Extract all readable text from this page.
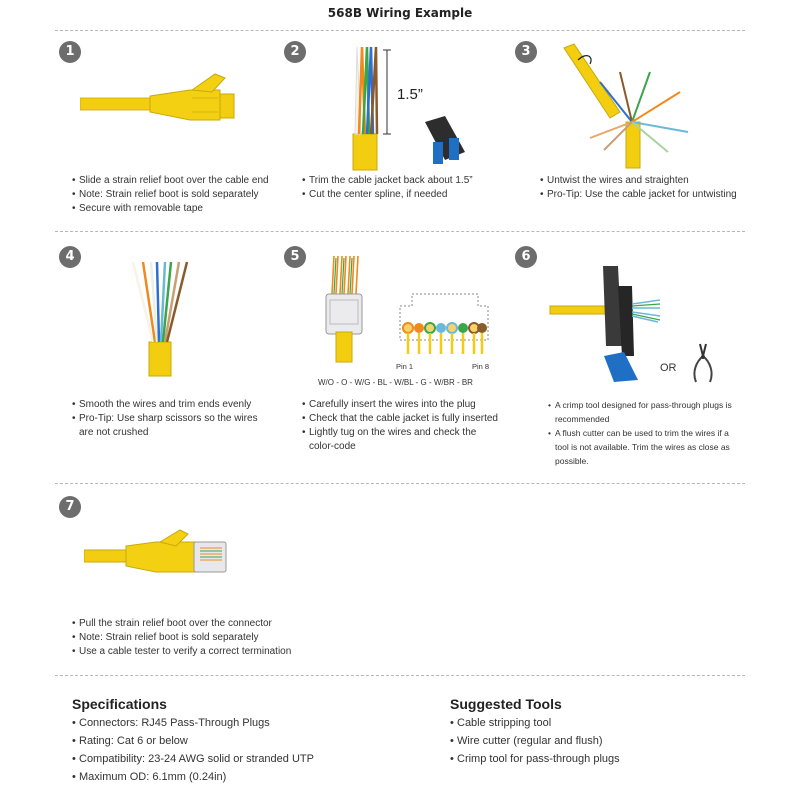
568B Wiring Example
1
• Slide a strain relief boot over the cable end
• Note: Strain relief boot is sold separately
• Secure with removable tape
2
1.5”
• Trim the cable jacket back about 1.5”
• Cut the center spline, if needed
3
• Untwist the wires and straighten
• Pro-Tip: Use the cable jacket for untwisting
4
• Smooth the wires and trim ends evenly
• Pro-Tip: Use sharp scissors so the wires
are not crushed
5
Pin 1	Pin 8
W/O - O - W/G - BL - W/BL - G - W/BR - BR
• Carefully insert the wires into the plug
• Check that the cable jacket is fully inserted
• Lightly tug on the wires and check the
color-code
6
OR
• A crimp tool designed for pass-through plugs is
recommended
• A flush cutter can be used to trim the wires if a
tool is not available. Trim the wires as close as
possible.
7
• Pull the strain relief boot over the connector
• Note: Strain relief boot is sold separately
• Use a cable tester to verify a correct termination
Specifications
• Connectors: RJ45 Pass-Through Plugs
• Rating: Cat 6 or below
• Compatibility: 23-24 AWG solid or stranded UTP
• Maximum OD: 6.1mm (0.24in)
Suggested Tools
• Cable stripping tool
• Wire cutter (regular and flush)
• Crimp tool for pass-through plugs
